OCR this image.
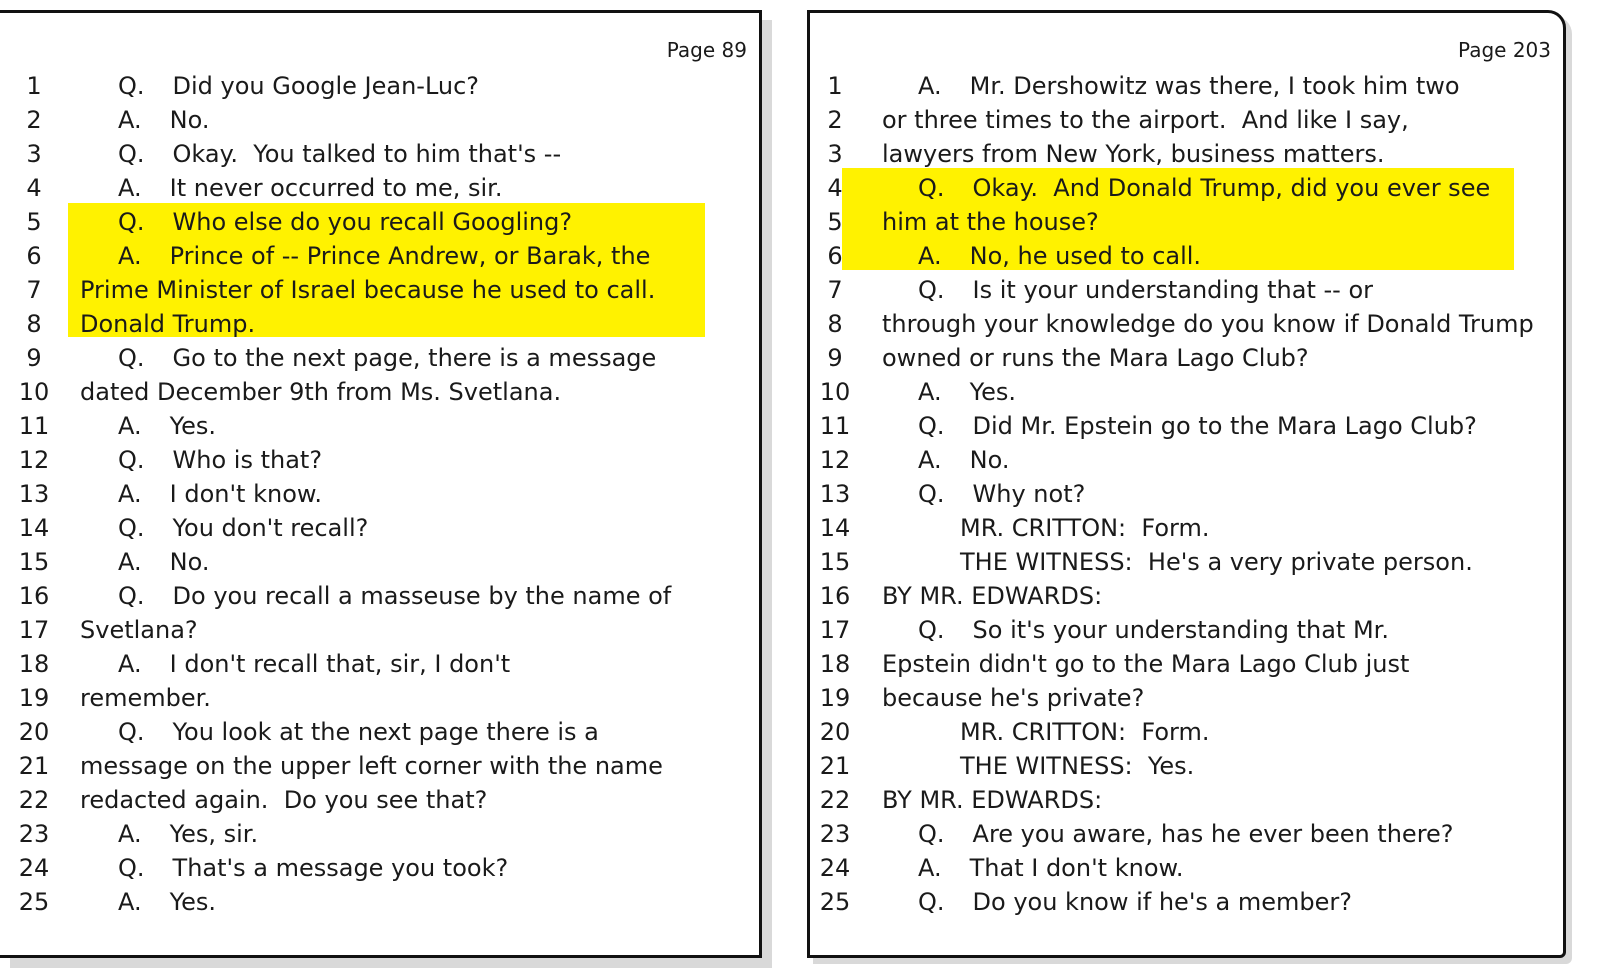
Page 89
1	Q. Did you Google Jean-Luc?
2	A. No.
3	Q. Okay.  You talked to him that's --
4	A. It never occurred to me, sir.
5	Q. Who else do you recall Googling?
6	A. Prince of -- Prince Andrew, or Barak, the
7	Prime Minister of Israel because he used to call.
8	Donald Trump.
9	Q. Go to the next page, there is a message
10 dated December 9th from Ms. Svetlana.
11	A. Yes.
12	Q. Who is that?
13	A. I don't know.
14	Q. You don't recall?
15	A. No.
16	Q. Do you recall a masseuse by the name of
17 Svetlana?
18	A. I don't recall that, sir, I don't
19 remember.
20	Q. You look at the next page there is a
21 message on the upper left corner with the name
22 redacted again.  Do you see that?
23	A. Yes, sir.
24	Q. That's a message you took?
25	A. Yes.
Page 203
1	A. Mr. Dershowitz was there, I took him two
2	or three times to the airport.  And like I say,
3	lawyers from New York, business matters.
4	Q. Okay.  And Donald Trump, did you ever see
5	him at the house?
6	A. No, he used to call.
7	Q. Is it your understanding that -- or
8	through your knowledge do you know if Donald Trump
9	owned or runs the Mara Lago Club?
10	A. Yes.
11	Q. Did Mr. Epstein go to the Mara Lago Club?
12	A. No.
13	Q. Why not?
14	MR. CRITTON:  Form.
15	THE WITNESS:  He's a very private person.
16	BY MR. EDWARDS:
17	Q. So it's your understanding that Mr.
18	Epstein didn't go to the Mara Lago Club just
19	because he's private?
20	MR. CRITTON:  Form.
21	THE WITNESS:  Yes.
22	BY MR. EDWARDS:
23	Q. Are you aware, has he ever been there?
24	A. That I don't know.
25	Q. Do you know if he's a member?
